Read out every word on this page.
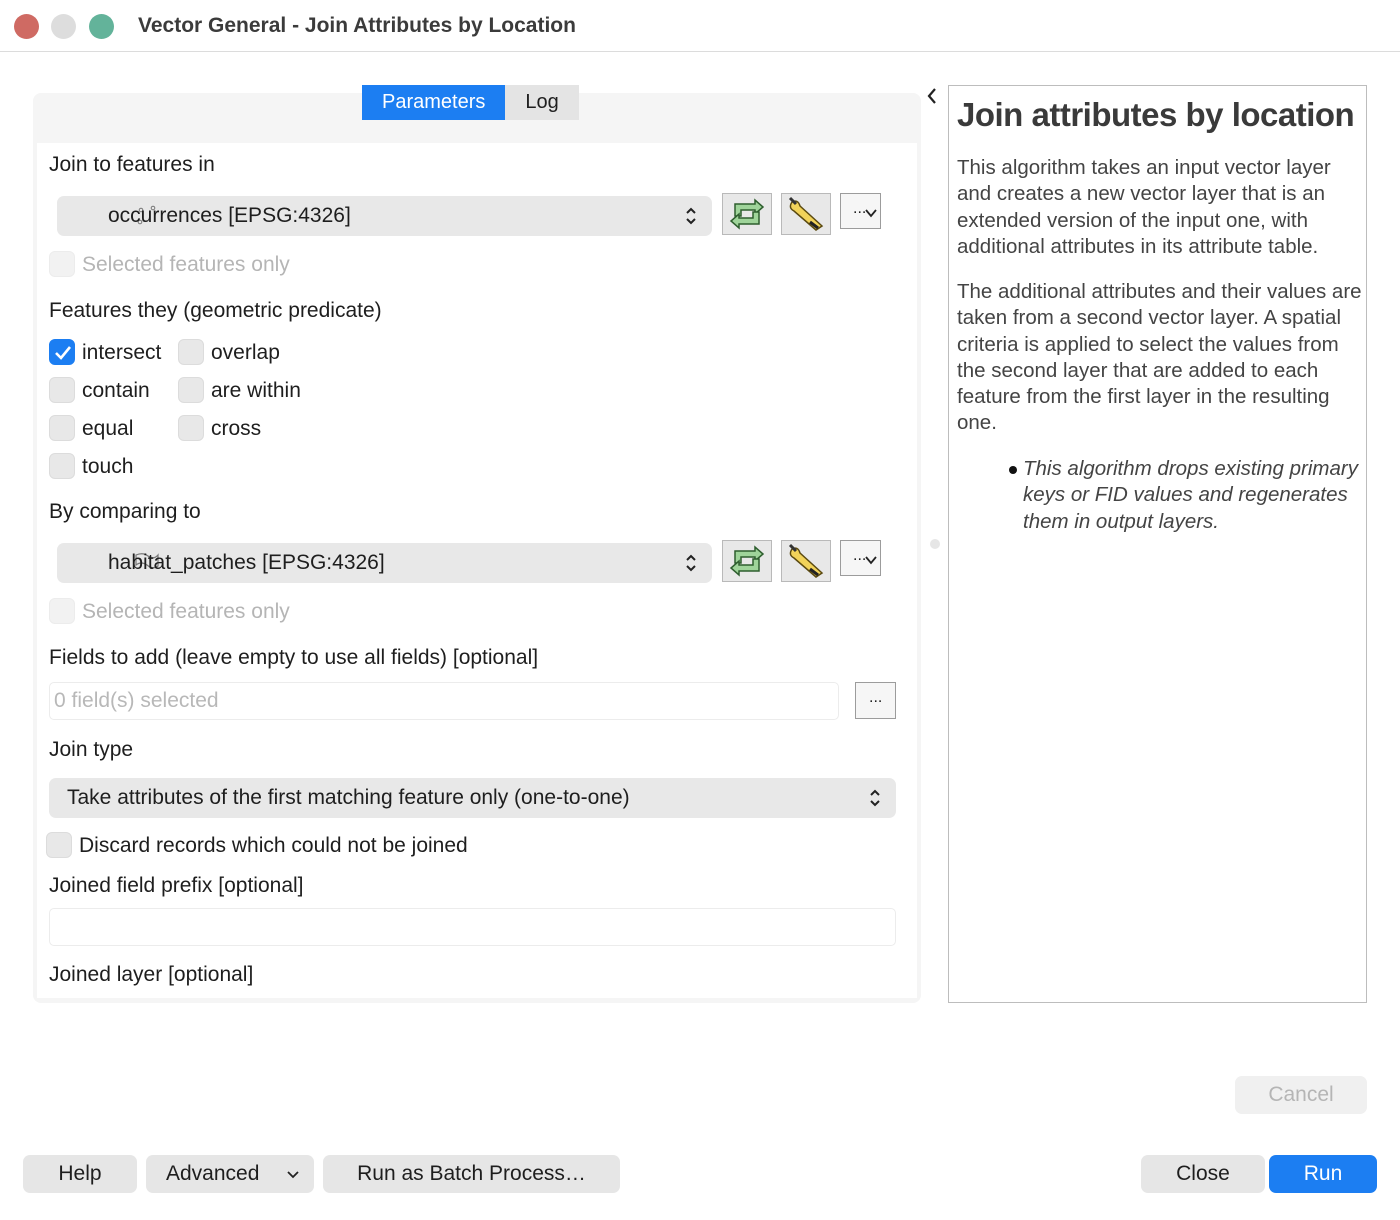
Vector General - Join Attributes by Location
Parameters	Log
Join to features in
occurrences [EPSG:4326]	...
Selected features only
Features they (geometric predicate)
intersect overlap
contain	are within
equal	cross
touch
By comparing to
habitat_patches [EPSG:4326]	...
Selected features only
Fields to add (leave empty to use all fields) [optional]
0 field(s) selected	...
Join type
Take attributes of the first matching feature only (one-to-one)
Discard records which could not be joined
Joined field prefix [optional]
Joined layer [optional]
Join attributes by location

This algorithm takes an input vector layer and creates a new vector layer that is an extended version of the input one, with additional attributes in its attribute table.

The additional attributes and their values are taken from a second vector layer. A spatial criteria is applied to select the values from the second layer that are added to each feature from the first layer in the resulting one.

This algorithm drops existing primary keys or FID values and regenerates them in output layers.
Cancel
Help	Advanced	Run as Batch Process…	Close	Run
